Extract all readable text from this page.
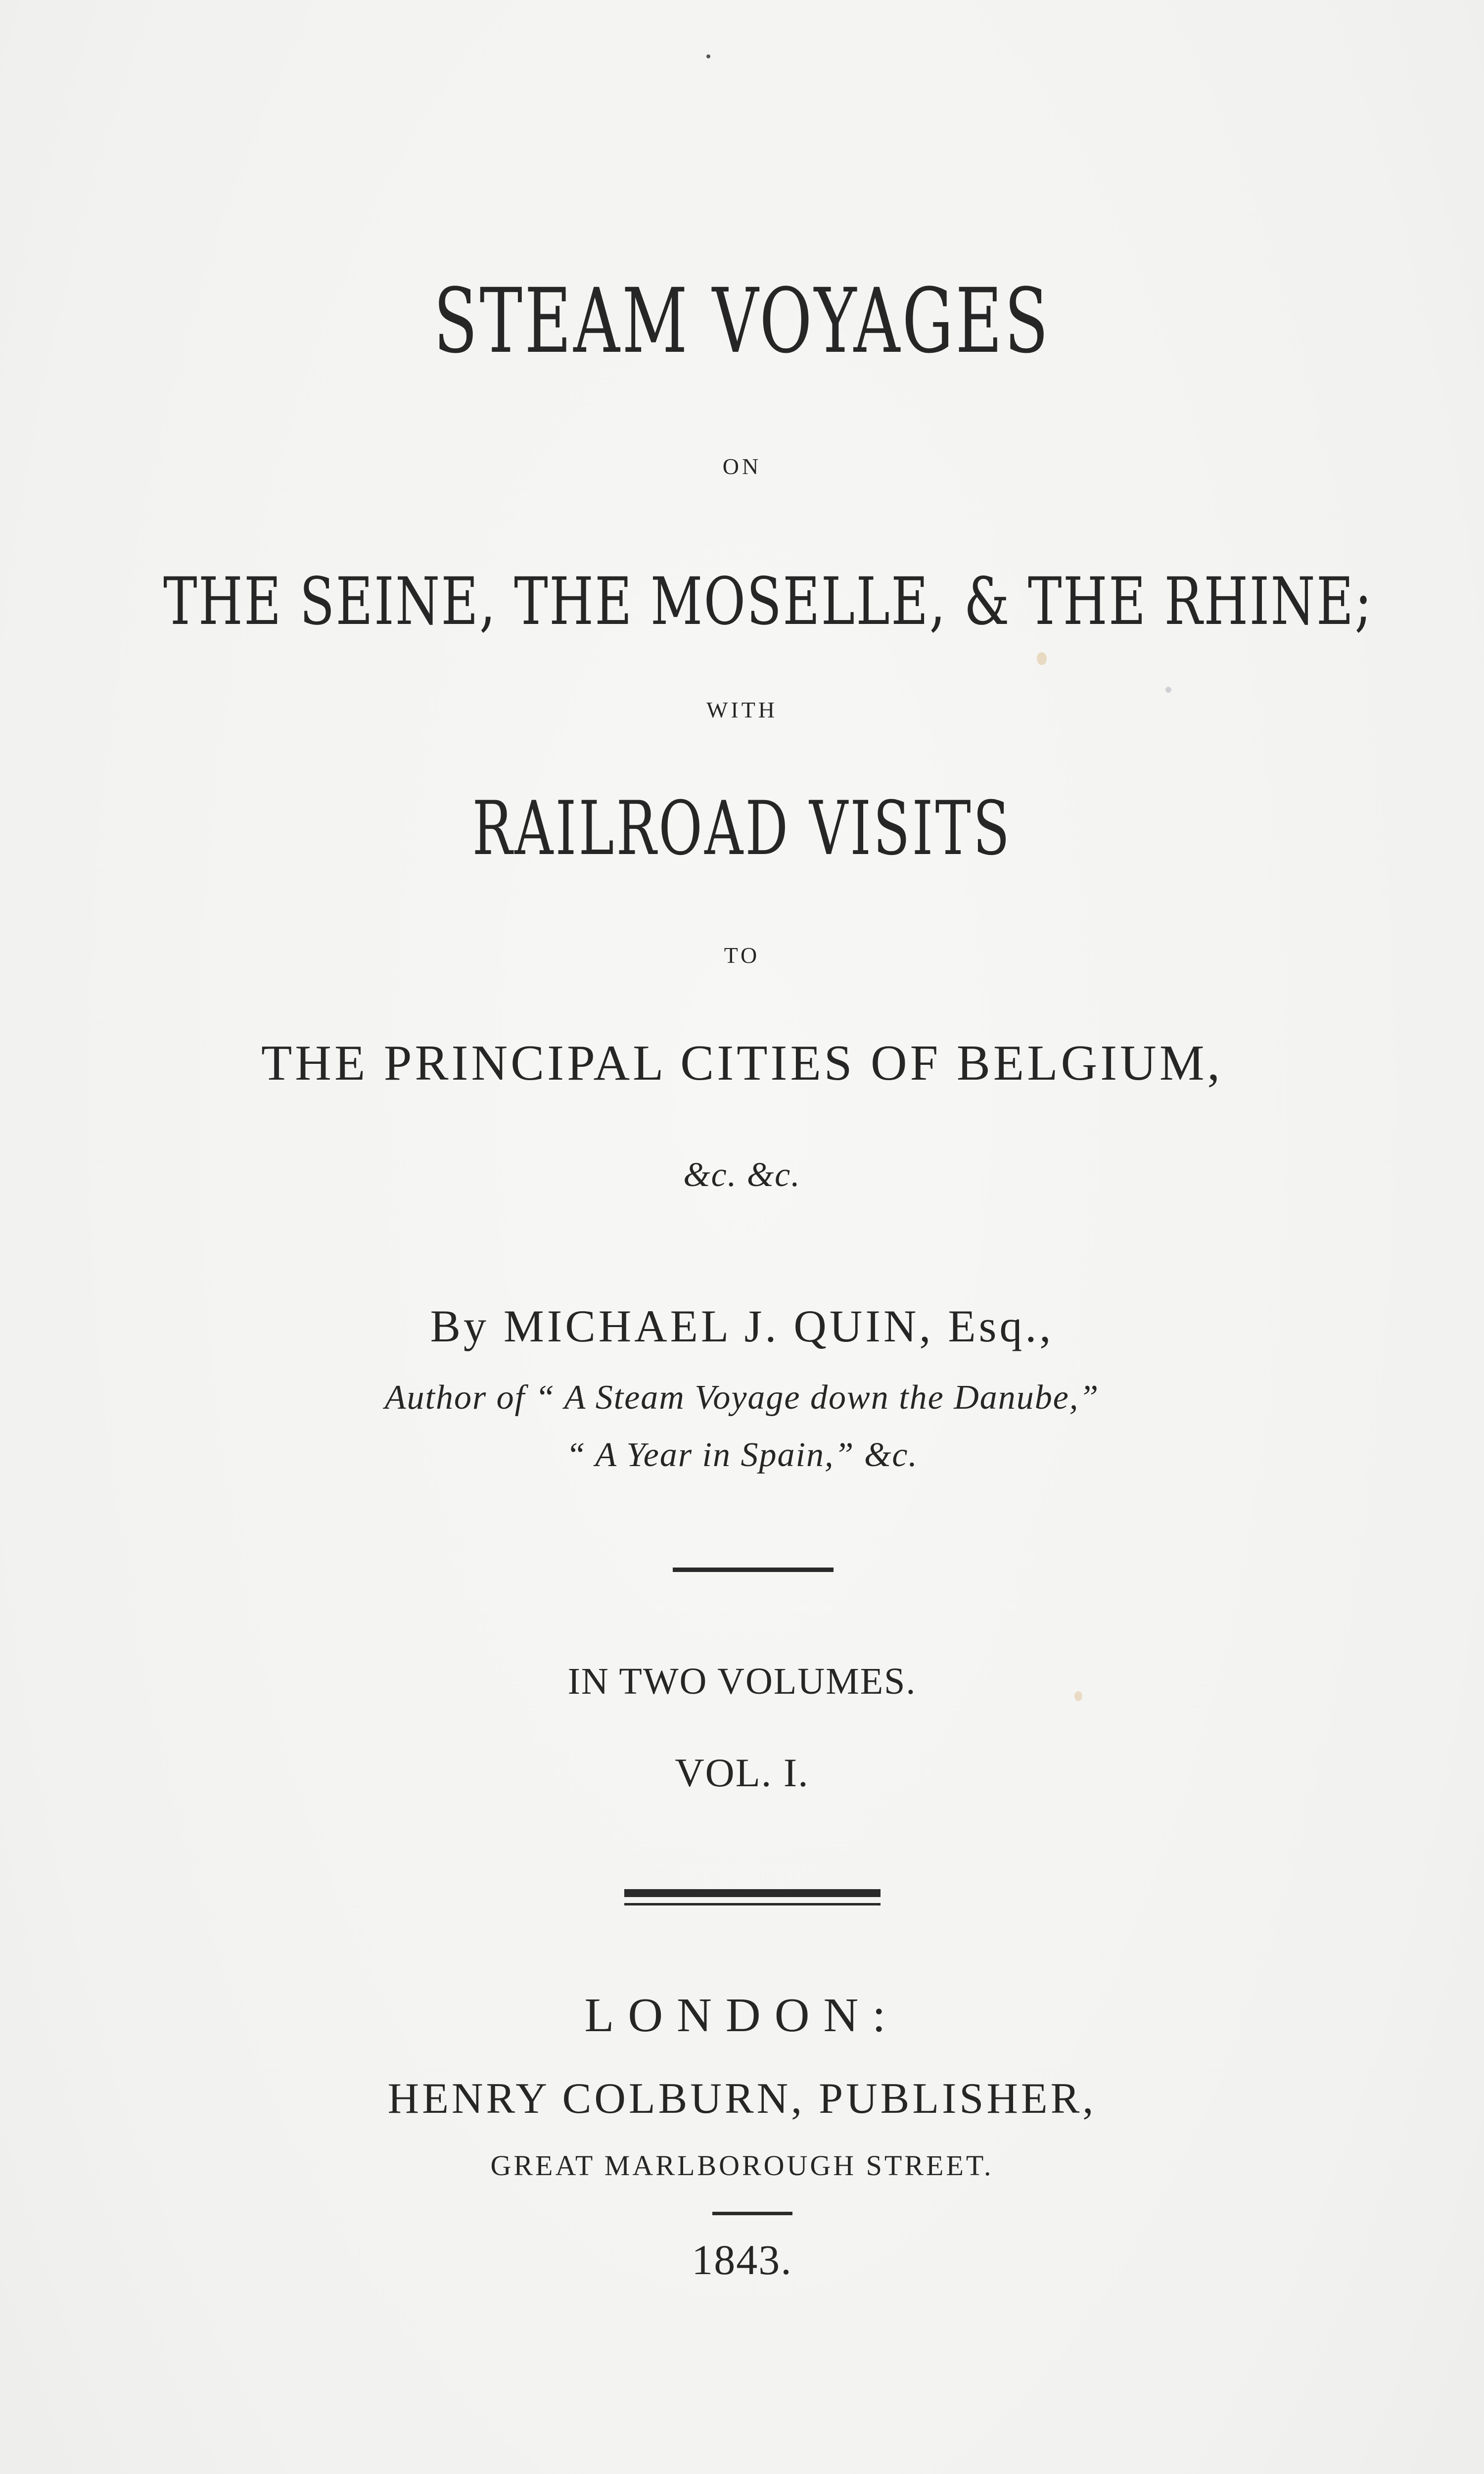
STEAM VOYAGES
ON
THE SEINE, THE MOSELLE, & THE RHINE;
WITH
RAILROAD VISITS
TO
THE PRINCIPAL CITIES OF BELGIUM,
&c. &c.
By MICHAEL J. QUIN, Esq.,
Author of “ A Steam Voyage down the Danube,”
“ A Year in Spain,” &c.
IN TWO VOLUMES.
VOL. I.
LONDON:
HENRY COLBURN, PUBLISHER,
GREAT MARLBOROUGH STREET.
1843.
